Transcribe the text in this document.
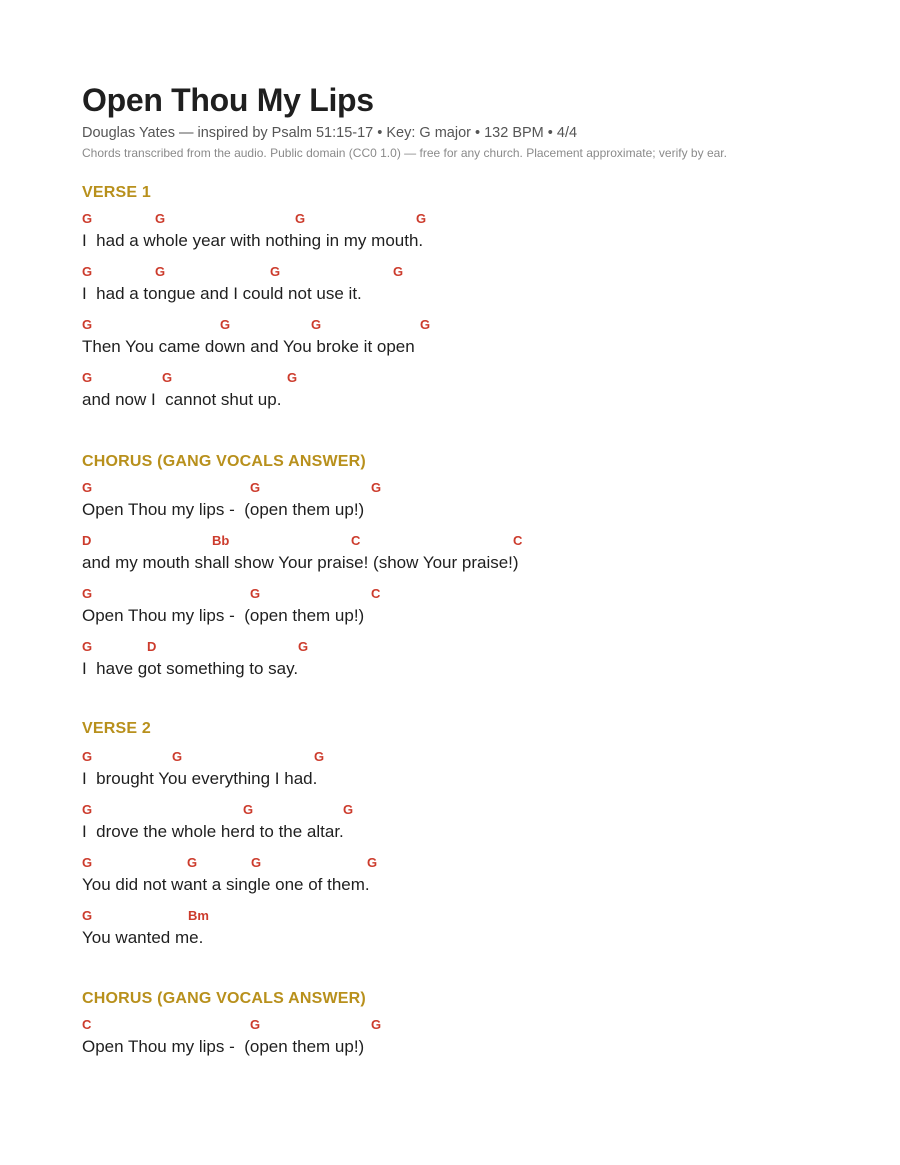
Open Thou My Lips
Douglas Yates — inspired by Psalm 51:15-17 • Key: G major • 132 BPM • 4/4
Chords transcribed from the audio. Public domain (CC0 1.0) — free for any church. Placement approximate; verify by ear.
VERSE 1
G	G	G	G
I  had a whole year with nothing in my mouth.
G	G	G	G
I  had a tongue and I could not use it.
G	G	G	G
Then You came down and You broke it open
G	G	G
and now I  cannot shut up.
CHORUS (GANG VOCALS ANSWER)
G	G	G
Open Thou my lips -  (open them up!)
D	Bb	C	C
and my mouth shall show Your praise! (show Your praise!)
G	G	C
Open Thou my lips -  (open them up!)
G	D	G
I  have got something to say.
VERSE 2
G	G	G
I  brought You everything I had.
G	G	G
I  drove the whole herd to the altar.
G	G	G	G
You did not want a single one of them.
G	Bm
You wanted me.
CHORUS (GANG VOCALS ANSWER)
C	G	G
Open Thou my lips -  (open them up!)
